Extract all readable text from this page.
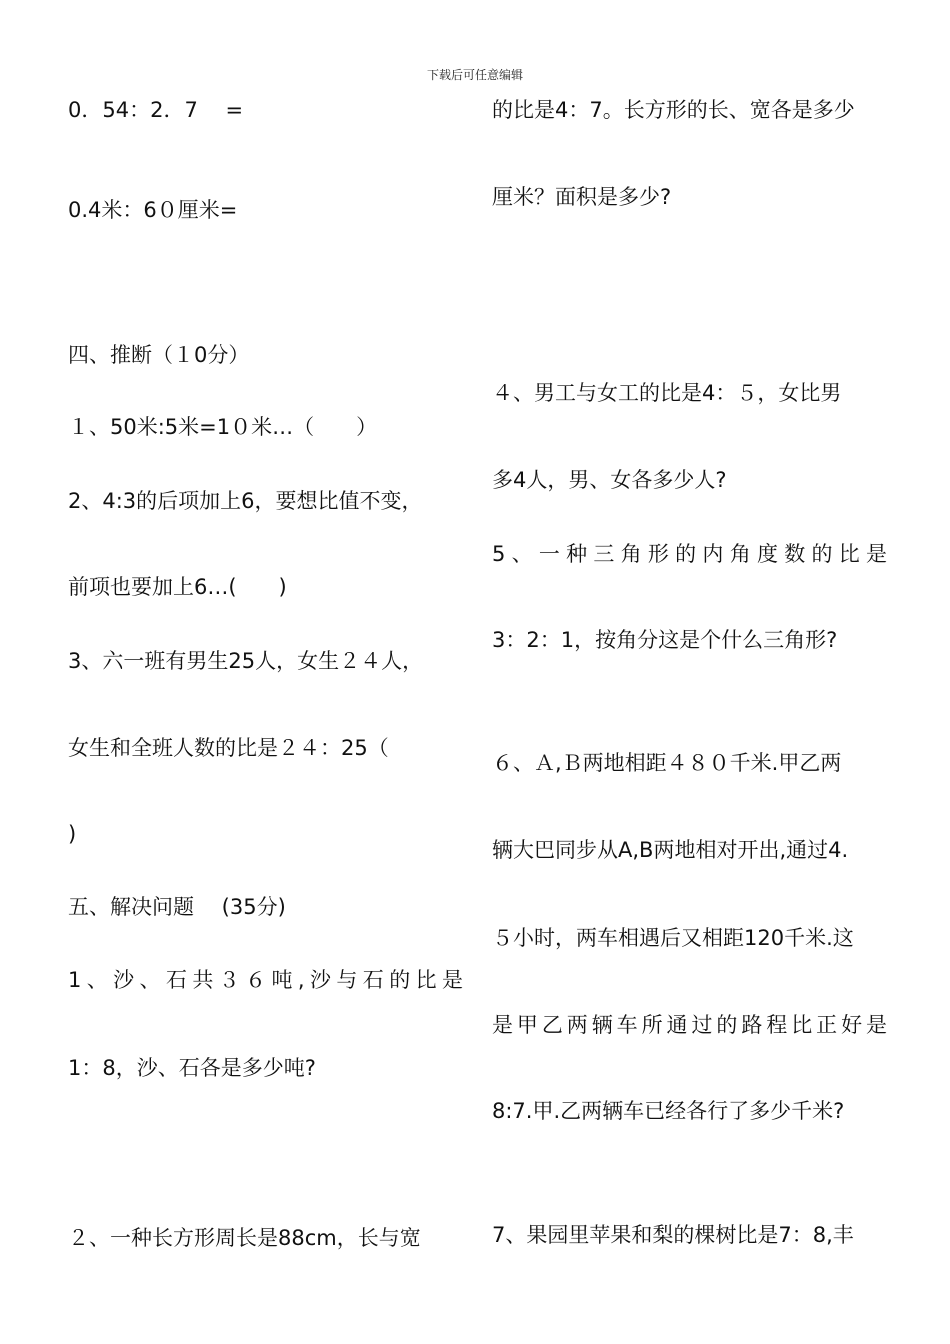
下载后可任意编辑
0．54：2．7　 =
0.4米：6０厘米=
四、推断（１0分）
１、50米:5米=1０米…（　　）
2、4:3的后项加上6，要想比值不变，
前项也要加上6…(　　)
3、六一班有男生25人，女生２４人，
女生和全班人数的比是２４：25（
)
五、解决问题　 (35分)
1、沙、石共３６吨,沙与石的比是
1：8，沙、石各是多少吨?
２、一种长方形周长是88cm，长与宽
的比是4：7。长方形的长、宽各是多少
厘米？面积是多少?
４、男工与女工的比是4：５，女比男
多4人，男、女各多少人?
5、一种三角形的内角度数的比是
3：2：1，按角分这是个什么三角形?
６、Ａ,Ｂ两地相距４８０千米.甲乙两
辆大巴同步从A,B两地相对开出,通过4.
５小时，两车相遇后又相距120千米.这
是甲乙两辆车所通过的路程比正好是
8:7.甲.乙两辆车已经各行了多少千米?
7、果园里苹果和梨的棵树比是7：8,丰
